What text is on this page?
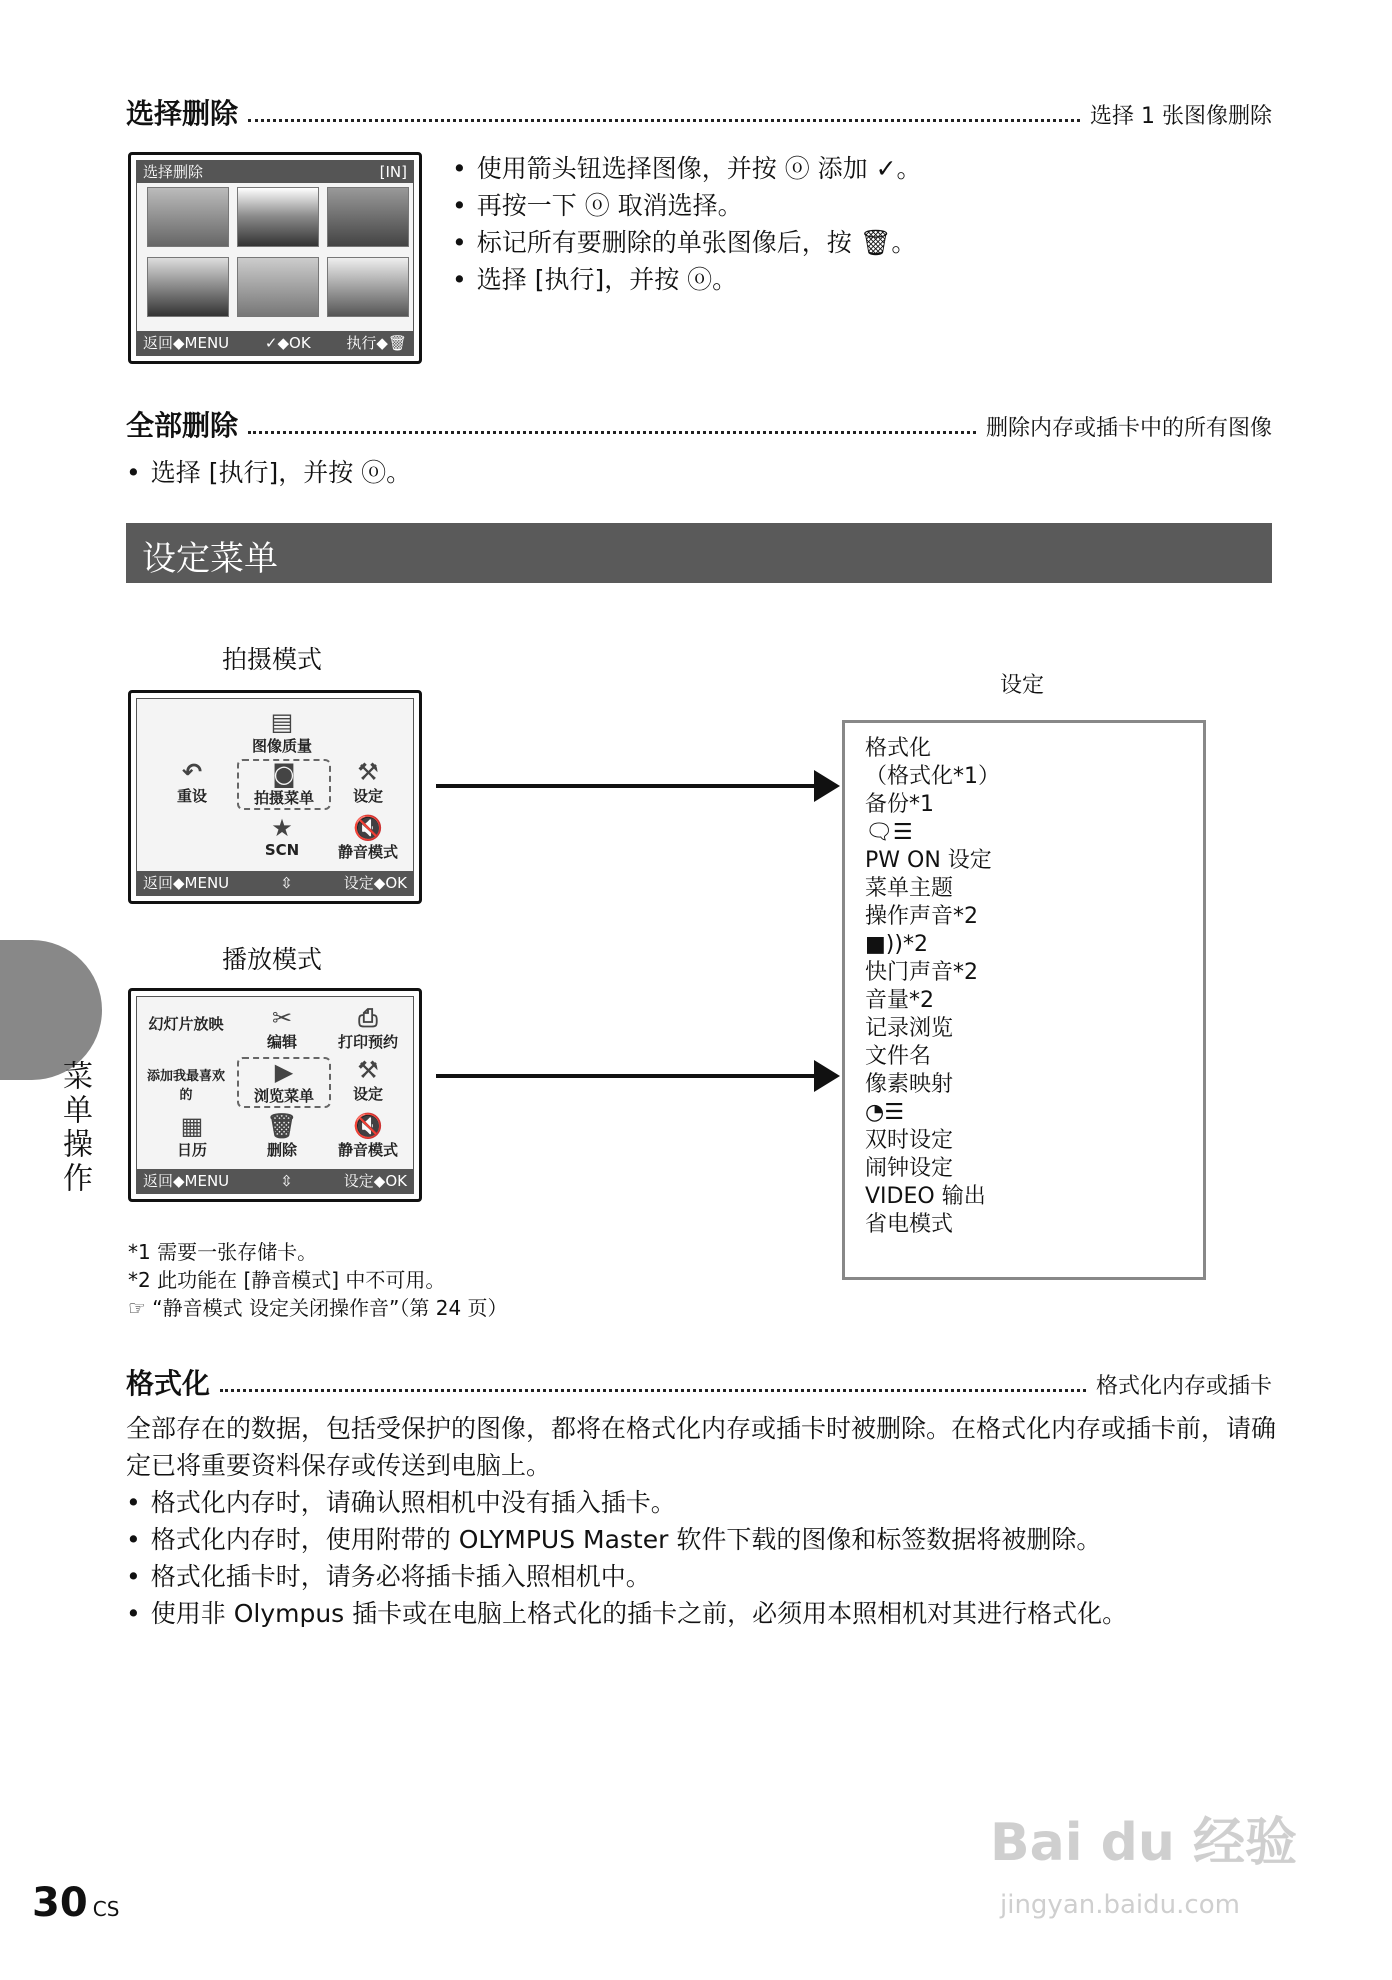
选择删除	选择 1 张图像删除
选择删除	[IN]
返回◆MENU ✓◆OK 执行◆🗑
• 使用箭头钮选择图像，并按 ⓞ 添加 ✓。
• 再按一下 ⓞ 取消选择。
• 标记所有要删除的单张图像后，按 🗑。
• 选择 [执行]，并按 ⓞ。
全部删除	删除内存或插卡中的所有图像
• 选择 [执行]，并按 ⓞ。
设定菜单
拍摄模式
▤
图像质量
↶
重设
◙
拍摄菜单
⚒
设定
★
SCN
🔇
静音模式
返回◆MENU	⇳	设定◆OK
播放模式
幻灯片放映	✂
编辑
⎙
打印预约
添加我最喜欢的
▶
浏览菜单
⚒
设定
▦
日历
🗑
删除
🔇
静音模式
返回◆MENU	⇳	设定◆OK
设定
格式化
（格式化*1）
备份*1
🗨☰
PW ON 设定
菜单主题
操作声音*2
■))*2
快门声音*2
音量*2
记录浏览
文件名
像素映射
◔☰
双时设定
闹钟设定
VIDEO 输出
省电模式
*1 需要一张存储卡。
*2 此功能在 [静音模式] 中不可用。
☞ “静音模式 设定关闭操作音”（第 24 页）
格式化	格式化内存或插卡
全部存在的数据，包括受保护的图像，都将在格式化内存或插卡时被删除。在格式化内存或插卡前，请确定已将重要资料保存或传送到电脑上。
• 格式化内存时，请确认照相机中没有插入插卡。
• 格式化内存时，使用附带的 OLYMPUS Master 软件下载的图像和标签数据将被删除。
• 格式化插卡时，请务必将插卡插入照相机中。
• 使用非 Olympus 插卡或在电脑上格式化的插卡之前，必须用本照相机对其进行格式化。
菜单操作
30 CS
Bai du 经验
jingyan.baidu.com
